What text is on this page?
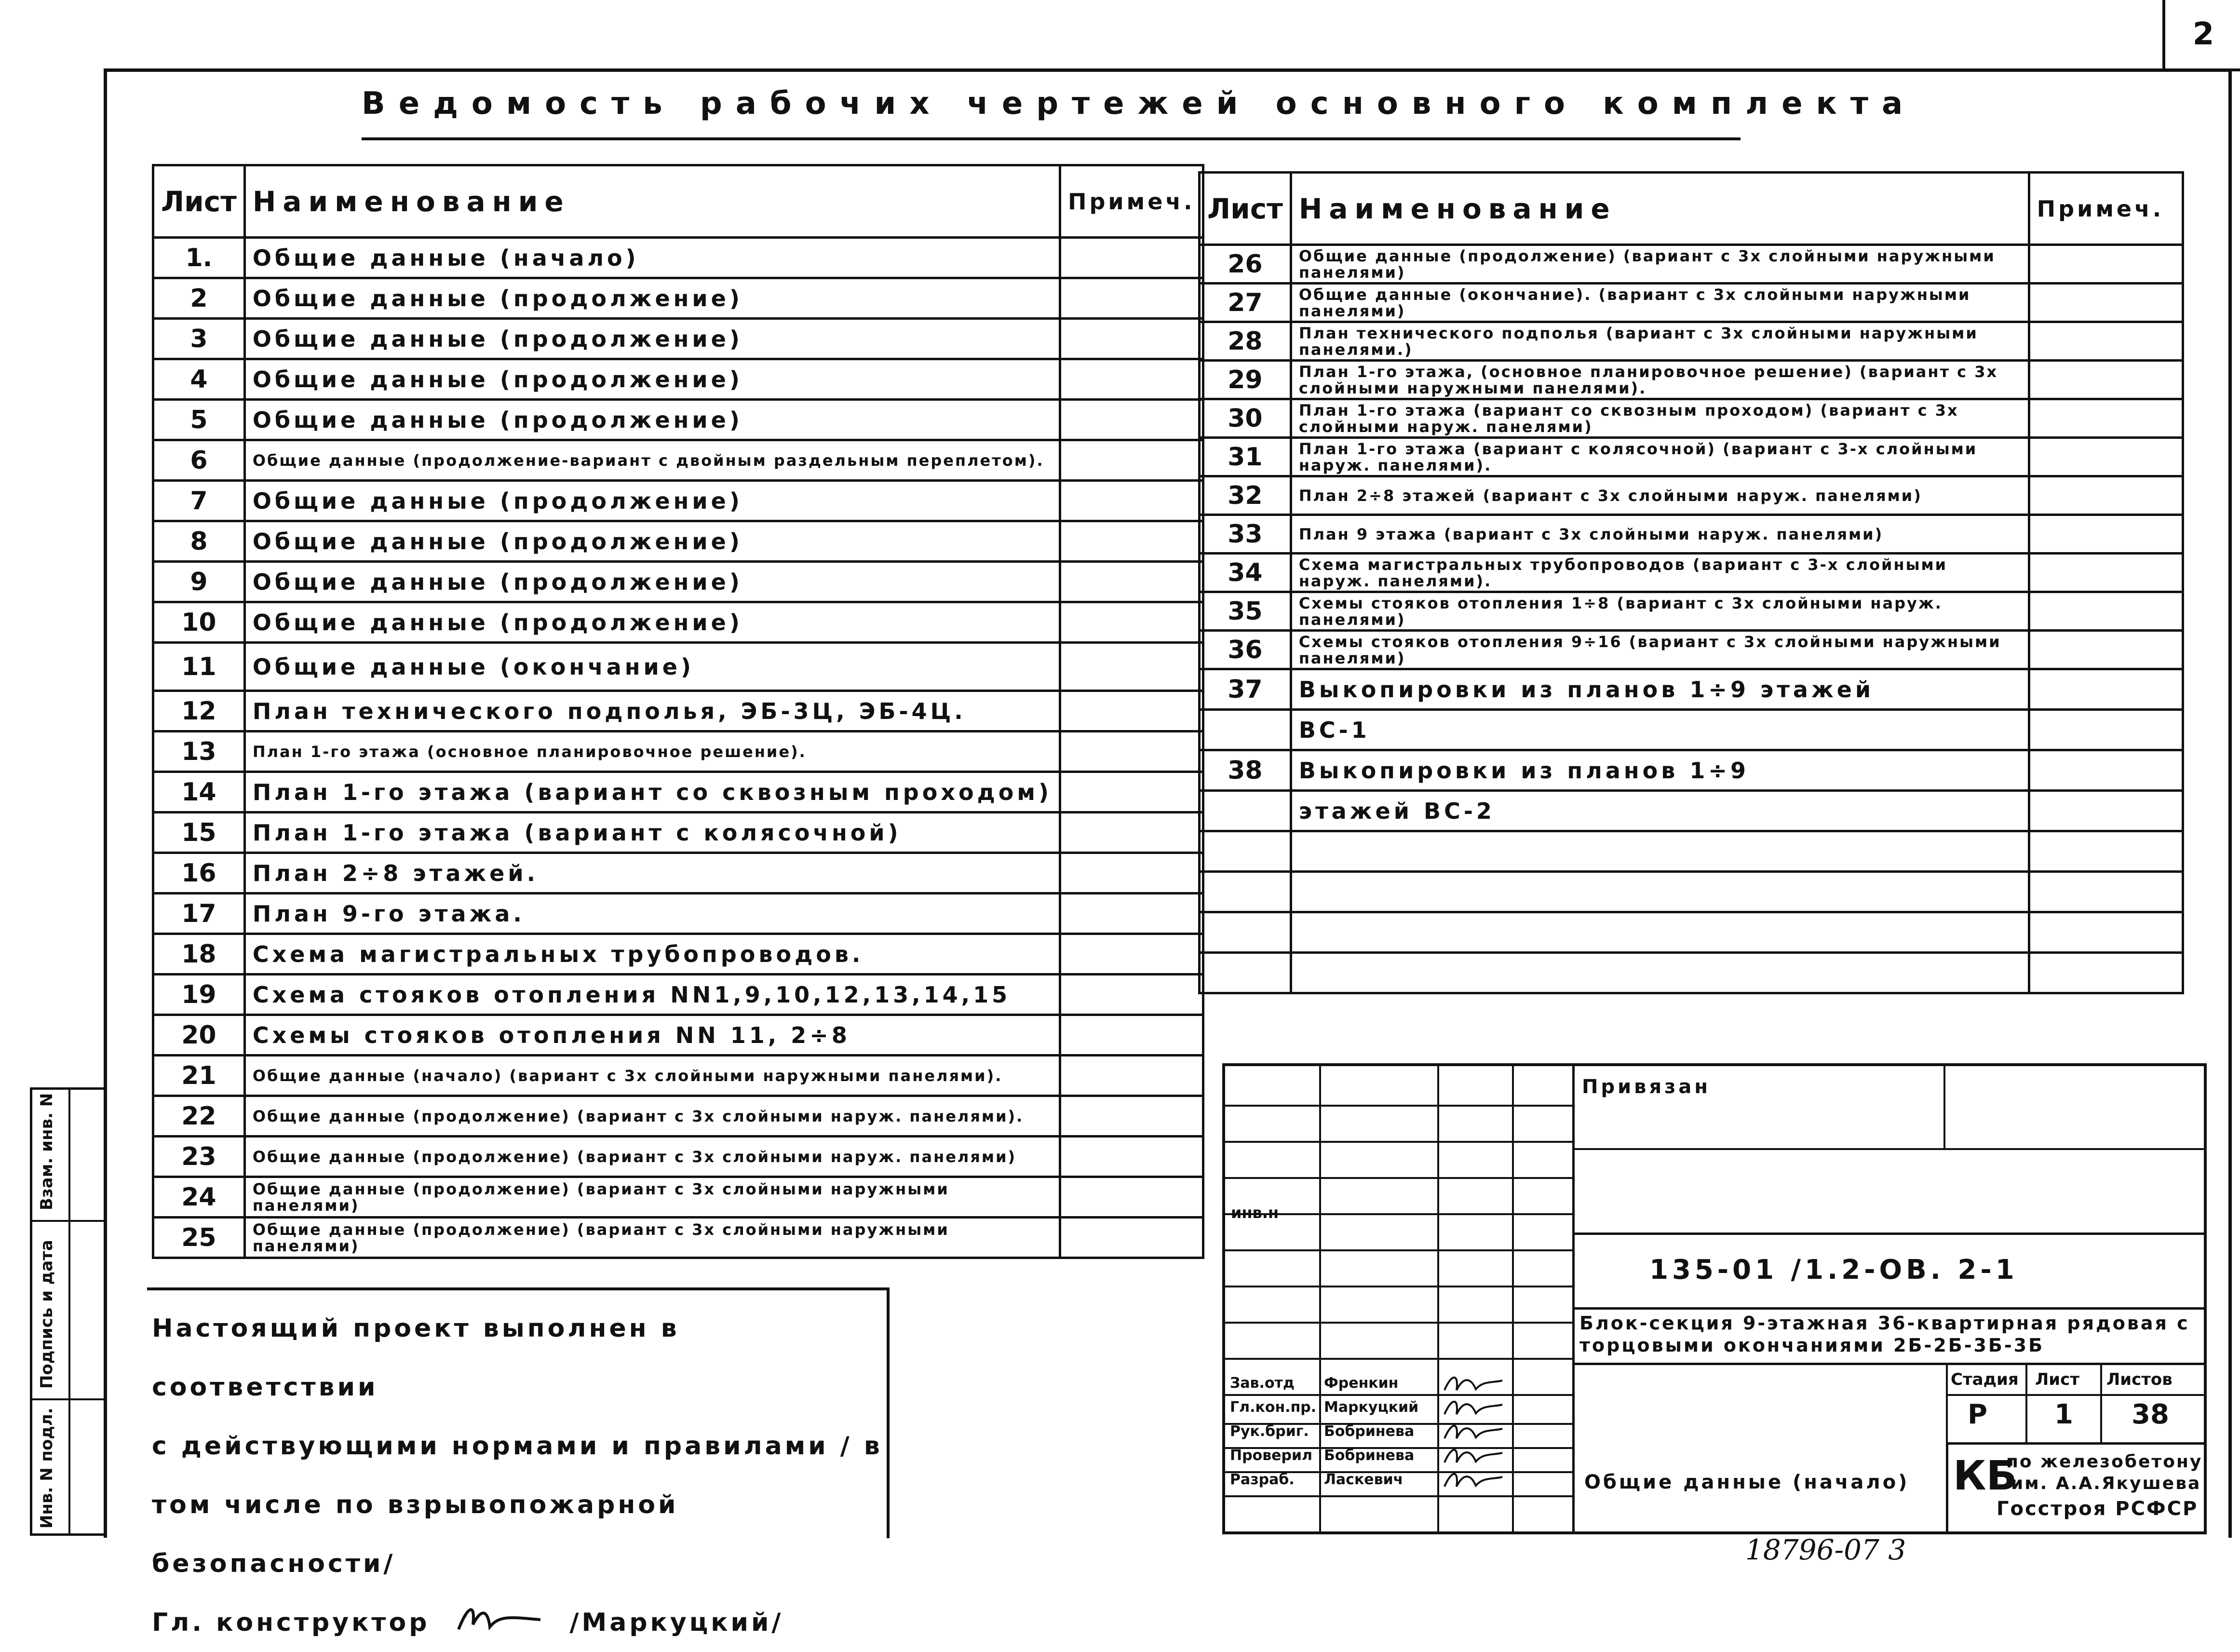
2
Ведомость рабочих чертежей основного комплекта
Лист	Наименование	Примеч.
1.	Общие данные (начало)	
2	Общие данные (продолжение)	
3	Общие данные (продолжение)	
4	Общие данные (продолжение)	
5	Общие данные (продолжение)	
6	Общие данные (продолжение-вариант с двойным раздельным переплетом).	
7	Общие данные (продолжение)	
8	Общие данные (продолжение)	
9	Общие данные (продолжение)	
10	Общие данные (продолжение)	
11	Общие данные (окончание)	
12	План технического подполья, ЭБ-3Ц, ЭБ-4Ц.	
13	План 1-го этажа (основное планировочное решение).	
14	План 1-го этажа (вариант со сквозным проходом)	
15	План 1-го этажа (вариант с колясочной)	
16	План 2÷8 этажей.	
17	План 9-го этажа.	
18	Схема магистральных трубопроводов.	
19	Схема стояков отопления NN1,9,10,12,13,14,15	
20	Схемы стояков отопления NN 11, 2÷8	
21	Общие данные (начало) (вариант с 3х слойными наружными панелями).	
22	Общие данные (продолжение) (вариант с 3х слойными наруж. панелями).	
23	Общие данные (продолжение) (вариант с 3х слойными наруж. панелями)	
24	Общие данные (продолжение) (вариант с 3х слойными наружными панелями)	
25	Общие данные (продолжение) (вариант с 3х слойными наружными панелями)	
Лист	Наименование	Примеч.
26	Общие данные (продолжение) (вариант с 3х слойными наружными панелями)	
27	Общие данные (окончание). (вариант с 3х слойными наружными панелями)	
28	План технического подполья (вариант с 3х слойными наружными панелями.)	
29	План 1-го этажа, (основное планировочное решение) (вариант с 3х слойными наружными панелями).	
30	План 1-го этажа (вариант со сквозным проходом) (вариант с 3х слойными наруж. панелями)	
31	План 1-го этажа (вариант с колясочной) (вариант с 3-х слойными наруж. панелями).	
32	План 2÷8 этажей (вариант с 3х слойными наруж. панелями)	
33	План 9 этажа (вариант с 3х слойными наруж. панелями)	
34	Схема магистральных трубопроводов (вариант с 3-х слойными наруж. панелями).	
35	Схемы стояков отопления 1÷8 (вариант с 3х слойными наруж. панелями)	
36	Схемы стояков отопления 9÷16 (вариант с 3х слойными наружными панелями)	
37	Выкопировки из планов 1÷9 этажей	
	ВС-1	
38	Выкопировки из планов 1÷9	
	этажей ВС-2	

Настоящий проект выполнен в соответствии
с действующими нормами и правилами / в
том числе по взрывопожарной безопасности/
Гл. конструктор	/Маркуцкий/
инв.н
Зав.отд Френкин
Гл.кон.пр. Маркуцкий
Рук.бриг. Бобринева
Проверил Бобринева
Разраб. Ласкевич
Привязан
135-01 /1.2-ОВ. 2-1
Блок-секция 9-этажная 36-квартирная рядовая с торцовыми окончаниями 2Б-2Б-3Б-3Б
Стадия Лист Листов
Р 1 38
Общие данные (начало) КБ
по железобетону
им. А.А.Якушева
Госстроя РСФСР
Взам. инв. N
Подпись и дата
Инв. N подл.
18796-07 3
